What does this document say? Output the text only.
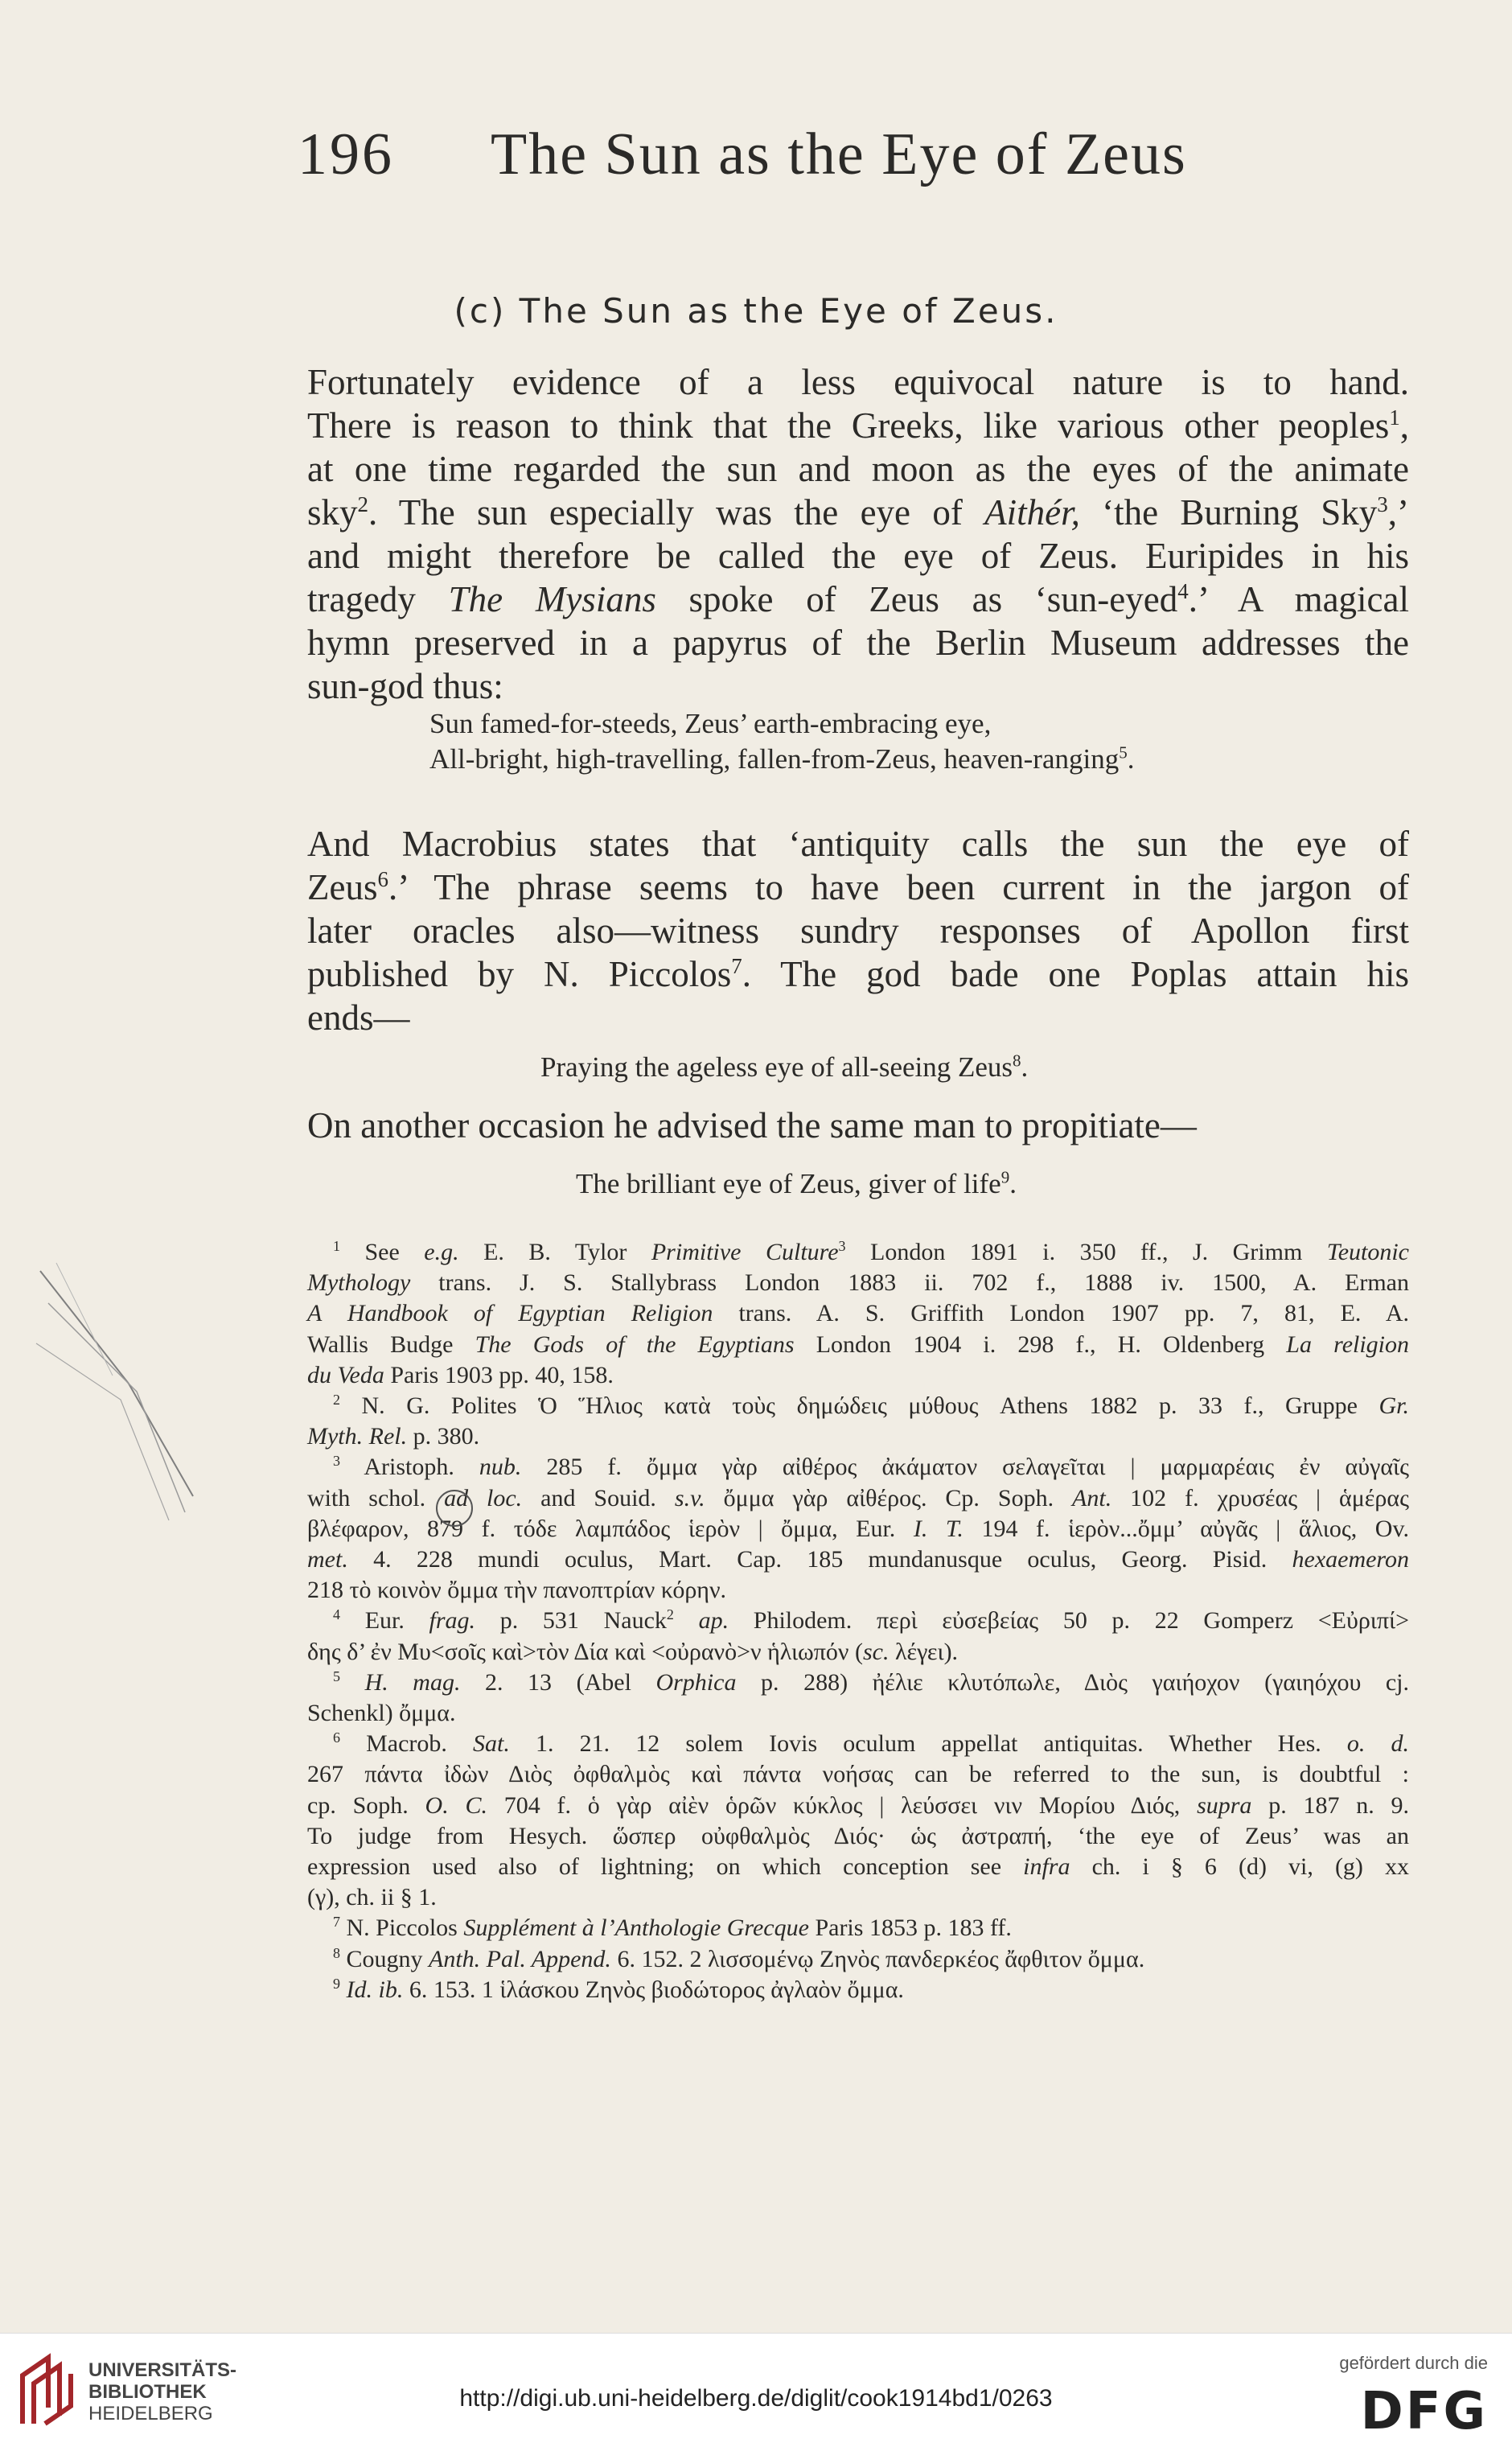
196 The Sun as the Eye of Zeus
(c) The Sun as the Eye of Zeus.
Fortunately evidence of a less equivocal nature is to hand.
There is reason to think that the Greeks, like various other peoples$^1$,
at one time regarded the sun and moon as the eyes of the animate
sky$^2$. The sun especially was the eye of Aithér, ‘the Burning Sky$^3$,’
and might therefore be called the eye of Zeus. Euripides in his
tragedy The Mysians spoke of Zeus as ‘sun-eyed$^4$.’ A magical
hymn preserved in a papyrus of the Berlin Museum addresses the
sun-god thus:
Sun famed-for-steeds, Zeus’ earth-embracing eye,
All-bright, high-travelling, fallen-from-Zeus, heaven-ranging$^5$.
And Macrobius states that ‘antiquity calls the sun the eye of
Zeus$^6$.’ The phrase seems to have been current in the jargon of
later oracles also—witness sundry responses of Apollon first
published by N. Piccolos$^7$. The god bade one Poplas attain his
ends—
Praying the ageless eye of all-seeing Zeus$^8$.
On another occasion he advised the same man to propitiate—
The brilliant eye of Zeus, giver of life$^9$.
$^1$ See e.g. E. B. Tylor Primitive Culture$^3$ London 1891 i. 350 ff., J. Grimm Teutonic
Mythology trans. J. S. Stallybrass London 1883 ii. 702 f., 1888 iv. 1500, A. Erman
A Handbook of Egyptian Religion trans. A. S. Griffith London 1907 pp. 7, 81, E. A.
Wallis Budge The Gods of the Egyptians London 1904 i. 298 f., H. Oldenberg La religion
du Veda Paris 1903 pp. 40, 158.
$^2$ N. G. Polites Ὁ Ἥλιος κατὰ τοὺς δημώδεις μύθους Athens 1882 p. 33 f., Gruppe Gr.
Myth. Rel. p. 380.
$^3$ Aristoph. nub. 285 f. ὄμμα γὰρ αἰθέρος ἀκάματον σελαγεῖται | μαρμαρέαις ἐν αὐγαῖς
with schol. ad loc. and Souid. s.v. ὄμμα γὰρ αἰθέρος. Cp. Soph. Ant. 102 f. χρυσέας | ἁμέρας
βλέφαρον, 879 f. τόδε λαμπάδος ἱερὸν | ὄμμα, Eur. I. T. 194 f. ἱερὸν...ὄμμ’ αὐγᾶς | ἅλιος, Ov.
met. 4. 228 mundi oculus, Mart. Cap. 185 mundanusque oculus, Georg. Pisid. hexaemeron
218 τὸ κοινὸν ὄμμα τὴν πανοπτρίαν κόρην.
$^4$ Eur. frag. p. 531 Nauck$^2$ ap. Philodem. περὶ εὐσεβείας 50 p. 22 Gomperz <Εὐριπί>
δης δ’ ἐν Μυ<σοῖς καὶ>τὸν Δία καὶ <οὐρανὸ>ν ἡλιωπόν (sc. λέγει).
$^5$ H. mag. 2. 13 (Abel Orphica p. 288) ἠέλιε κλυτόπωλε, Διὸς γαιήοχον (γαιηόχου cj.
Schenkl) ὄμμα.
$^6$ Macrob. Sat. 1. 21. 12 solem Iovis oculum appellat antiquitas. Whether Hes. o. d.
267 πάντα ἰδὼν Διὸς ὀφθαλμὸς καὶ πάντα νοήσας can be referred to the sun, is doubtful :
cp. Soph. O. C. 704 f. ὁ γὰρ αἰὲν ὁρῶν κύκλος | λεύσσει νιν Μορίου Διός, supra p. 187 n. 9.
To judge from Hesych. ὥσπερ οὐφθαλμὸς Διός· ὡς ἀστραπή, ‘the eye of Zeus’ was an
expression used also of lightning; on which conception see infra ch. i § 6 (d) vi, (g) xx
(γ), ch. ii § 1.
$^7$ N. Piccolos Supplément à l’Anthologie Grecque Paris 1853 p. 183 ff.
$^8$ Cougny Anth. Pal. Append. 6. 152. 2 λισσομένῳ Ζηνὸς πανδερκέος ἄφθιτον ὄμμα.
$^9$ Id. ib. 6. 153. 1 ἱλάσκου Ζηνὸς βιοδώτορος ἀγλαὸν ὄμμα.
UNIVERSITÄTS-
BIBLIOTHEK
HEIDELBERG
http://digi.ub.uni-heidelberg.de/diglit/cook1914bd1/0263
gefördert durch die
DFG
